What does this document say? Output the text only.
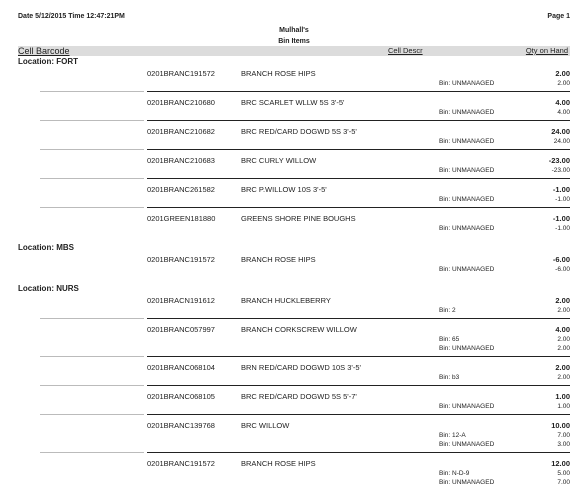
Date 5/12/2015 Time 12:47:21PM	Page 1
Mulhall's
Bin Items
Cell Barcode	Cell Descr	Qty on Hand
Location: FORT
0201BRANC191572	BRANCH ROSE HIPS	2.00
Bin: UNMANAGED	2.00
0201BRANC210680	BRC SCARLET WLLW 5S 3'-5'	4.00
Bin: UNMANAGED	4.00
0201BRANC210682	BRC RED/CARD DOGWD 5S 3'-5'	24.00
Bin: UNMANAGED	24.00
0201BRANC210683	BRC CURLY WILLOW	-23.00
Bin: UNMANAGED	-23.00
0201BRANC261582	BRC P.WILLOW 10S 3'-5'	-1.00
Bin: UNMANAGED	-1.00
0201GREEN181880	GREENS SHORE PINE BOUGHS	-1.00
Bin: UNMANAGED	-1.00
Location: MBS
0201BRANC191572	BRANCH ROSE HIPS	-6.00
Bin: UNMANAGED	-6.00
Location: NURS
0201BRACN191612	BRANCH HUCKLEBERRY	2.00
Bin: 2	2.00
0201BRANC057997	BRANCH CORKSCREW WILLOW	4.00
Bin: 65	2.00
Bin: UNMANAGED	2.00
0201BRANC068104	BRN RED/CARD DOGWD 10S 3'-5'	2.00
Bin: b3	2.00
0201BRANC068105	BRC RED/CARD DOGWD 5S 5'-7'	1.00
Bin: UNMANAGED	1.00
0201BRANC139768	BRC WILLOW	10.00
Bin: 12-A	7.00
Bin: UNMANAGED	3.00
0201BRANC191572	BRANCH ROSE HIPS	12.00
Bin: N-D-9	5.00
Bin: UNMANAGED	7.00
